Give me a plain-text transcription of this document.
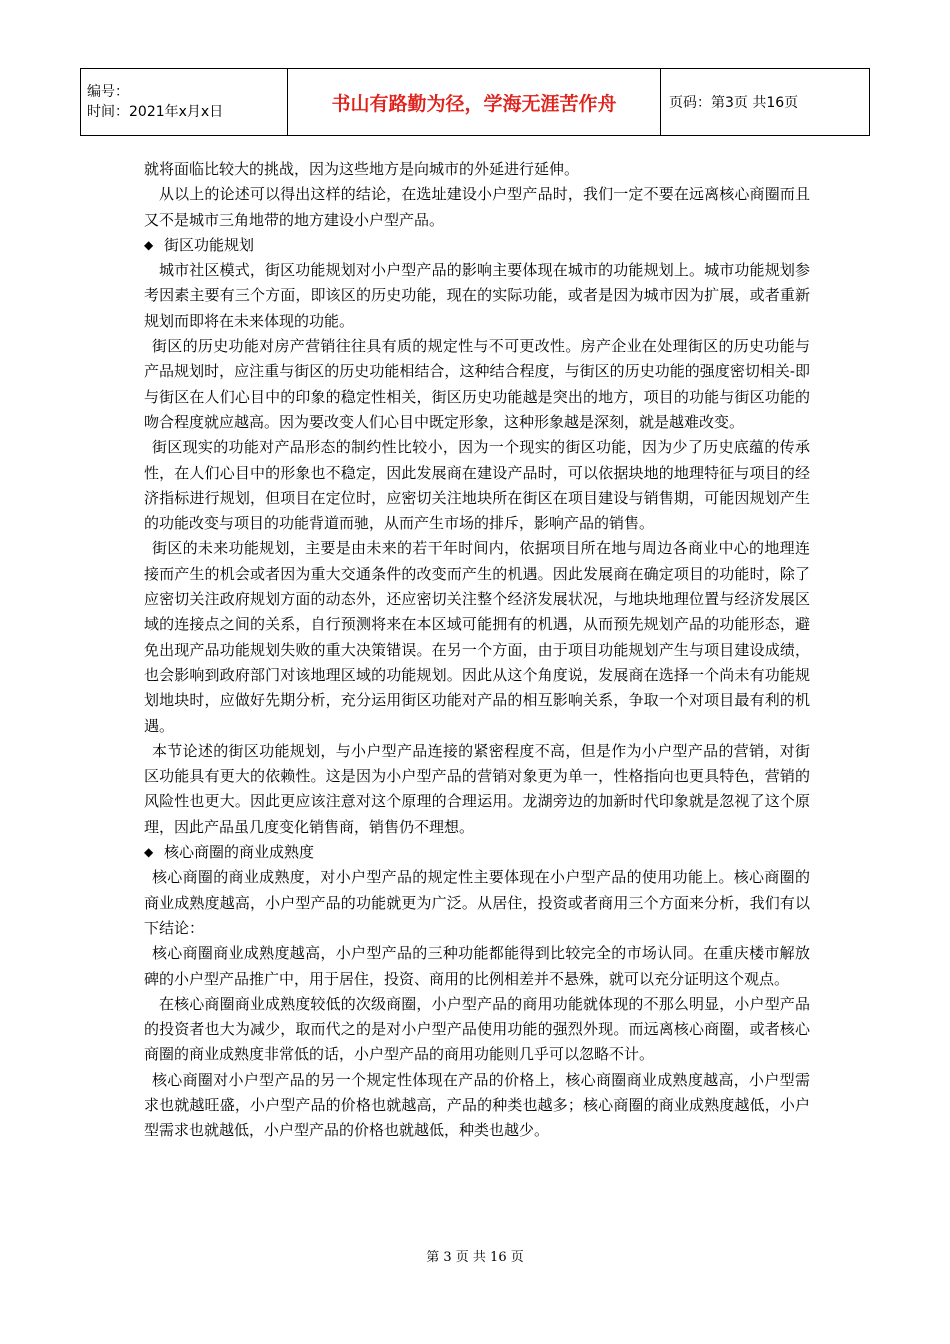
编号：
时间：2021年x月x日	书山有路勤为径，学海无涯苦作舟	页码：第3页 共16页

就将面临比较大的挑战，因为这些地方是向城市的外延进行延伸。

从以上的论述可以得出这样的结论，在选址建设小户型产品时，我们一定不要在远离核心商圈而且又不是城市三角地带的地方建设小户型产品。

◆ 街区功能规划

城市社区模式，街区功能规划对小户型产品的影响主要体现在城市的功能规划上。城市功能规划参考因素主要有三个方面，即该区的历史功能，现在的实际功能，或者是因为城市因为扩展，或者重新规划而即将在未来体现的功能。

街区的历史功能对房产营销往往具有质的规定性与不可更改性。房产企业在处理街区的历史功能与产品规划时，应注重与街区的历史功能相结合，这种结合程度，与街区的历史功能的强度密切相关-即与街区在人们心目中的印象的稳定性相关，街区历史功能越是突出的地方，项目的功能与街区功能的吻合程度就应越高。因为要改变人们心目中既定形象，这种形象越是深刻，就是越难改变。

街区现实的功能对产品形态的制约性比较小，因为一个现实的街区功能，因为少了历史底蕴的传承性，在人们心目中的形象也不稳定，因此发展商在建设产品时，可以依据块地的地理特征与项目的经济指标进行规划，但项目在定位时，应密切关注地块所在街区在项目建设与销售期，可能因规划产生的功能改变与项目的功能背道而驰，从而产生市场的排斥，影响产品的销售。

街区的未来功能规划，主要是由未来的若干年时间内，依据项目所在地与周边各商业中心的地理连接而产生的机会或者因为重大交通条件的改变而产生的机遇。因此发展商在确定项目的功能时，除了应密切关注政府规划方面的动态外，还应密切关注整个经济发展状况，与地块地理位置与经济发展区域的连接点之间的关系，自行预测将来在本区域可能拥有的机遇，从而预先规划产品的功能形态，避免出现产品功能规划失败的重大决策错误。在另一个方面，由于项目功能规划产生与项目建设成绩，也会影响到政府部门对该地理区域的功能规划。因此从这个角度说，发展商在选择一个尚未有功能规划地块时，应做好先期分析，充分运用街区功能对产品的相互影响关系，争取一个对项目最有利的机遇。

本节论述的街区功能规划，与小户型产品连接的紧密程度不高，但是作为小户型产品的营销，对街区功能具有更大的依赖性。这是因为小户型产品的营销对象更为单一，性格指向也更具特色，营销的风险性也更大。因此更应该注意对这个原理的合理运用。龙湖旁边的加新时代印象就是忽视了这个原理，因此产品虽几度变化销售商，销售仍不理想。

◆ 核心商圈的商业成熟度

核心商圈的商业成熟度，对小户型产品的规定性主要体现在小户型产品的使用功能上。核心商圈的商业成熟度越高，小户型产品的功能就更为广泛。从居住，投资或者商用三个方面来分析，我们有以下结论：

核心商圈商业成熟度越高，小户型产品的三种功能都能得到比较完全的市场认同。在重庆楼市解放碑的小户型产品推广中，用于居住，投资、商用的比例相差并不悬殊，就可以充分证明这个观点。

在核心商圈商业成熟度较低的次级商圈，小户型产品的商用功能就体现的不那么明显，小户型产品的投资者也大为减少，取而代之的是对小户型产品使用功能的强烈外现。而远离核心商圈，或者核心商圈的商业成熟度非常低的话，小户型产品的商用功能则几乎可以忽略不计。

核心商圈对小户型产品的另一个规定性体现在产品的价格上，核心商圈商业成熟度越高，小户型需求也就越旺盛，小户型产品的价格也就越高，产品的种类也越多；核心商圈的商业成熟度越低，小户型需求也就越低，小户型产品的价格也就越低，种类也越少。

第 3 页 共 16 页
